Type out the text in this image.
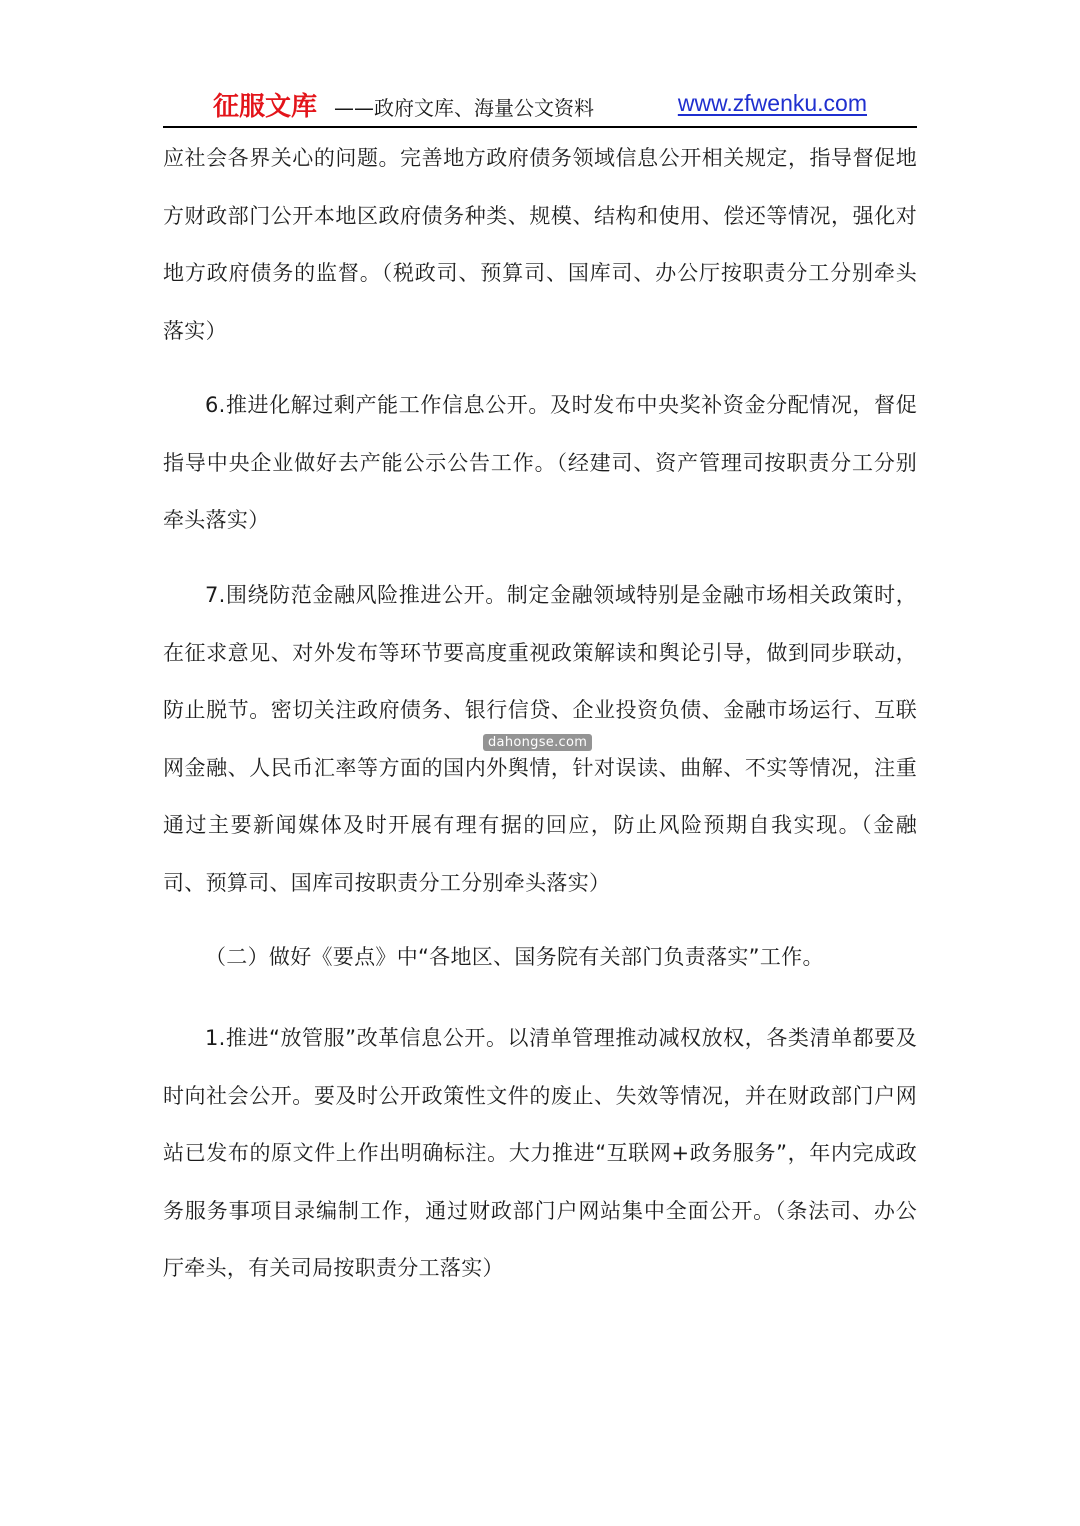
征服文库 ——政府文库、海量公文资料	www.zfwenku.com

应社会各界关心的问题。完善地方政府债务领域信息公开相关规定，指导督促地方财政部门公开本地区政府债务种类、规模、结构和使用、偿还等情况，强化对地方政府债务的监督。（税政司、预算司、国库司、办公厅按职责分工分别牵头落实）

6.推进化解过剩产能工作信息公开。及时发布中央奖补资金分配情况，督促指导中央企业做好去产能公示公告工作。（经建司、资产管理司按职责分工分别牵头落实）

7.围绕防范金融风险推进公开。制定金融领域特别是金融市场相关政策时，在征求意见、对外发布等环节要高度重视政策解读和舆论引导，做到同步联动，防止脱节。密切关注政府债务、银行信贷、企业投资负债、金融市场运行、互联网金融、人民币汇率等方面的国内外舆情，针对误读、曲解、不实等情况，注重通过主要新闻媒体及时开展有理有据的回应，防止风险预期自我实现。（金融司、预算司、国库司按职责分工分别牵头落实）

（二）做好《要点》中“各地区、国务院有关部门负责落实”工作。

1.推进“放管服”改革信息公开。以清单管理推动减权放权，各类清单都要及时向社会公开。要及时公开政策性文件的废止、失效等情况，并在财政部门户网站已发布的原文件上作出明确标注。大力推进“互联网+政务服务”，年内完成政务服务事项目录编制工作，通过财政部门户网站集中全面公开。（条法司、办公厅牵头，有关司局按职责分工落实）

dahongse.com
